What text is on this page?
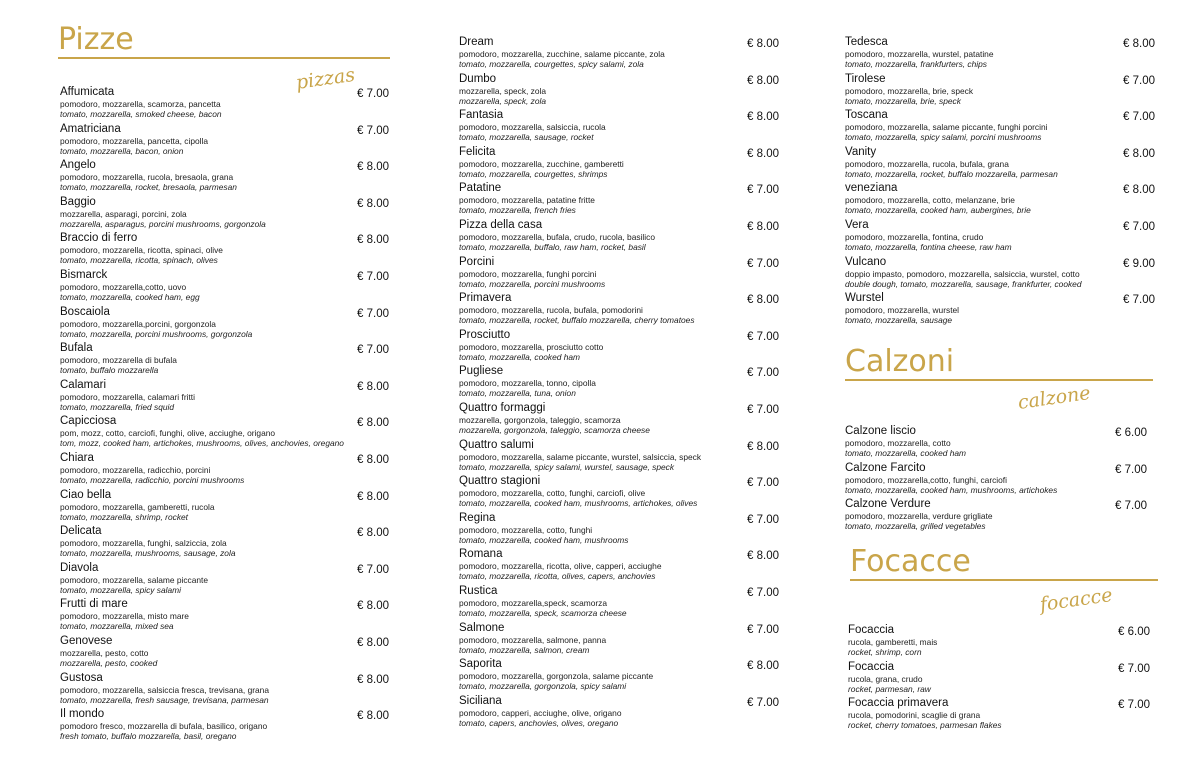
Pizze
pizzas
Affumicata
pomodoro, mozzarella, scamorza, pancetta
tomato, mozzarella, smoked cheese, bacon
€ 7.00
Amatriciana
pomodoro, mozzarella, pancetta, cipolla
tomato, mozzarella, bacon, onion
€ 7.00
Angelo
pomodoro, mozzarella, rucola, bresaola, grana
tomato, mozzarella, rocket, bresaola, parmesan
€ 8.00
Baggio
mozzarella, asparagi, porcini, zola
mozzarella, asparagus, porcini mushrooms, gorgonzola
€ 8.00
Braccio di ferro
pomodoro, mozzarella, ricotta, spinaci, olive
tomato, mozzarella, ricotta, spinach, olives
€ 8.00
Bismarck
pomodoro, mozzarella,cotto, uovo
tomato, mozzarella, cooked ham, egg
€ 7.00
Boscaiola
pomodoro, mozzarella,porcini, gorgonzola
tomato, mozzarella, porcini mushrooms, gorgonzola
€ 7.00
Bufala
pomodoro, mozzarella di bufala
tomato, buffalo mozzarella
€ 7.00
Calamari
pomodoro, mozzarella, calamari fritti
tomato, mozzarella, fried squid
€ 8.00
Capicciosa
pom, mozz, cotto, carciofi, funghi, olive, acciughe, origano
tom, mozz, cooked ham, artichokes, mushrooms, olives, anchovies, oregano
€ 8.00
Chiara
pomodoro, mozzarella, radicchio, porcini
tomato, mozzarella, radicchio, porcini mushrooms
€ 8.00
Ciao bella
pomodoro, mozzarella, gamberetti, rucola
tomato, mozzarella, shrimp, rocket
€ 8.00
Delicata
pomodoro, mozzarella, funghi, salziccia, zola
tomato, mozzarella, mushrooms, sausage, zola
€ 8.00
Diavola
pomodoro, mozzarella, salame piccante
tomato, mozzarella, spicy salami
€ 7.00
Frutti di mare
pomodoro, mozzarella, misto mare
tomato, mozzarella, mixed sea
€ 8.00
Genovese
mozzarella, pesto, cotto
mozzarella, pesto, cooked
€ 8.00
Gustosa
pomodoro, mozzarella, salsiccia fresca, trevisana, grana
tomato, mozzarella, fresh sausage, trevisana, parmesan
€ 8.00
Il mondo
pomodoro fresco, mozzarella di bufala, basilico, origano
fresh tomato, buffalo mozzarella, basil, oregano
€ 8.00
Dream
pomodoro, mozzarella, zucchine, salame piccante, zola
tomato, mozzarella, courgettes, spicy salami, zola
€ 8.00
Dumbo
mozzarella, speck, zola
mozzarella, speck, zola
€ 8.00
Fantasia
pomodoro, mozzarella, salsiccia, rucola
tomato, mozzarella, sausage, rocket
€ 8.00
Felicita
pomodoro, mozzarella, zucchine, gamberetti
tomato, mozzarella, courgettes, shrimps
€ 8.00
Patatine
pomodoro, mozzarella, patatine fritte
tomato, mozzarella, french fries
€ 7.00
Pizza della casa
pomodoro, mozzarella, bufala, crudo, rucola, basilico
tomato, mozzarella, buffalo, raw ham, rocket, basil
€ 8.00
Porcini
pomodoro, mozzarella, funghi porcini
tomato, mozzarella, porcini mushrooms
€ 7.00
Primavera
pomodoro, mozzarella, rucola, bufala, pomodorini
tomato, mozzarella, rocket, buffalo mozzarella, cherry tomatoes
€ 8.00
Prosciutto
pomodoro, mozzarella, prosciutto cotto
tomato, mozzarella, cooked ham
€ 7.00
Pugliese
pomodoro, mozzarella, tonno, cipolla
tomato, mozzarella, tuna, onion
€ 7.00
Quattro formaggi
mozzarella, gorgonzola, taleggio, scamorza
mozzarella, gorgonzola, taleggio, scamorza cheese
€ 7.00
Quattro salumi
pomodoro, mozzarella, salame piccante, wurstel, salsiccia, speck
tomato, mozzarella, spicy salami, wurstel, sausage, speck
€ 8.00
Quattro stagioni
pomodoro, mozzarella, cotto, funghi, carciofi, olive
tomato, mozzarella, cooked ham, mushrooms, artichokes, olives
€ 7.00
Regina
pomodoro, mozzarella, cotto, funghi
tomato, mozzarella, cooked ham, mushrooms
€ 7.00
Romana
pomodoro, mozzarella, ricotta, olive, capperi, acciughe
tomato, mozzarella, ricotta, olives, capers, anchovies
€ 8.00
Rustica
pomodoro, mozzarella,speck, scamorza
tomato, mozzarella, speck, scamorza cheese
€ 7.00
Salmone
pomodoro, mozzarella, salmone, panna
tomato, mozzarella, salmon, cream
€ 7.00
Saporita
pomodoro, mozzarella, gorgonzola, salame piccante
tomato, mozzarella, gorgonzola, spicy salami
€ 8.00
Siciliana
pomodoro, capperi, acciughe, olive, origano
tomato, capers, anchovies, olives, oregano
€ 7.00
Tedesca
pomodoro, mozzarella, wurstel, patatine
tomato, mozzarella, frankfurters, chips
€ 8.00
Tirolese
pomodoro, mozzarella, brie, speck
tomato, mozzarella, brie, speck
€ 7.00
Toscana
pomodoro, mozzarella, salame piccante, funghi porcini
tomato, mozzarella, spicy salami, porcini mushrooms
€ 7.00
Vanity
pomodoro, mozzarella, rucola, bufala, grana
tomato, mozzarella, rocket, buffalo mozzarella, parmesan
€ 8.00
veneziana
pomodoro, mozzarella, cotto, melanzane, brie
tomato, mozzarella, cooked ham, aubergines, brie
€ 8.00
Vera
pomodoro, mozzarella, fontina, crudo
tomato, mozzarella, fontina cheese, raw ham
€ 7.00
Vulcano
doppio impasto, pomodoro, mozzarella, salsiccia, wurstel, cotto
double dough, tomato, mozzarella, sausage, frankfurter, cooked
€ 9.00
Wurstel
pomodoro, mozzarella, wurstel
tomato, mozzarella, sausage
€ 7.00
Calzoni
calzone
Calzone liscio
pomodoro, mozzarella, cotto
tomato, mozzarella, cooked ham
€ 6.00
Calzone Farcito
pomodoro, mozzarella,cotto, funghi, carciofi
tomato, mozzarella, cooked ham, mushrooms, artichokes
€ 7.00
Calzone Verdure
pomodoro, mozzarella, verdure grigliate
tomato, mozzarella, grilled vegetables
€ 7.00
Focacce
focacce
Focaccia
rucola, gamberetti, mais
rocket, shrimp, corn
€ 6.00
Focaccia
rucola, grana, crudo
rocket, parmesan, raw
€ 7.00
Focaccia primavera
rucola, pomodorini, scaglie di grana
rocket, cherry tomatoes, parmesan flakes
€ 7.00
